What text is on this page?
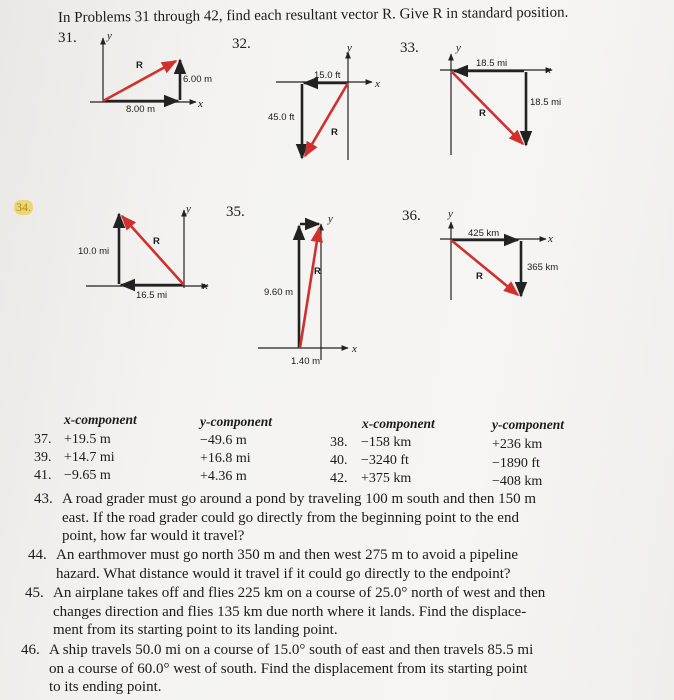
In Problems 31 through 42, find each resultant vector R. Give R in standard position.
31.	32.	33.
y
x
R
6.00 m
8.00 m
y
x
15.0 ft
45.0 ft
R
y
x
18.5 mi
18.5 mi
R
34.	35.	36.
y
x
10.0 mi
R
16.5 mi
y
x
9.60 m
R
1.40 m
y
x
425 km
365 km
R
x-component	y-component	x-component	y-component
37. +19.5 m	−49.6 m	38. −158 km	+236 km
39. +14.7 mi	+16.8 mi	40. −3240 ft	−1890 ft
41. −9.65 m	+4.36 m	42. +375 km	−408 km
43. A road grader must go around a pond by traveling 100 m south and then 150 m
east. If the road grader could go directly from the beginning point to the end
point, how far would it travel?
44. An earthmover must go north 350 m and then west 275 m to avoid a pipeline
hazard. What distance would it travel if it could go directly to the endpoint?
45. An airplane takes off and flies 225 km on a course of 25.0° north of west and then
changes direction and flies 135 km due north where it lands. Find the displace-
ment from its starting point to its landing point.
46. A ship travels 50.0 mi on a course of 15.0° south of east and then travels 85.5 mi
on a course of 60.0° west of south. Find the displacement from its starting point
to its ending point.
